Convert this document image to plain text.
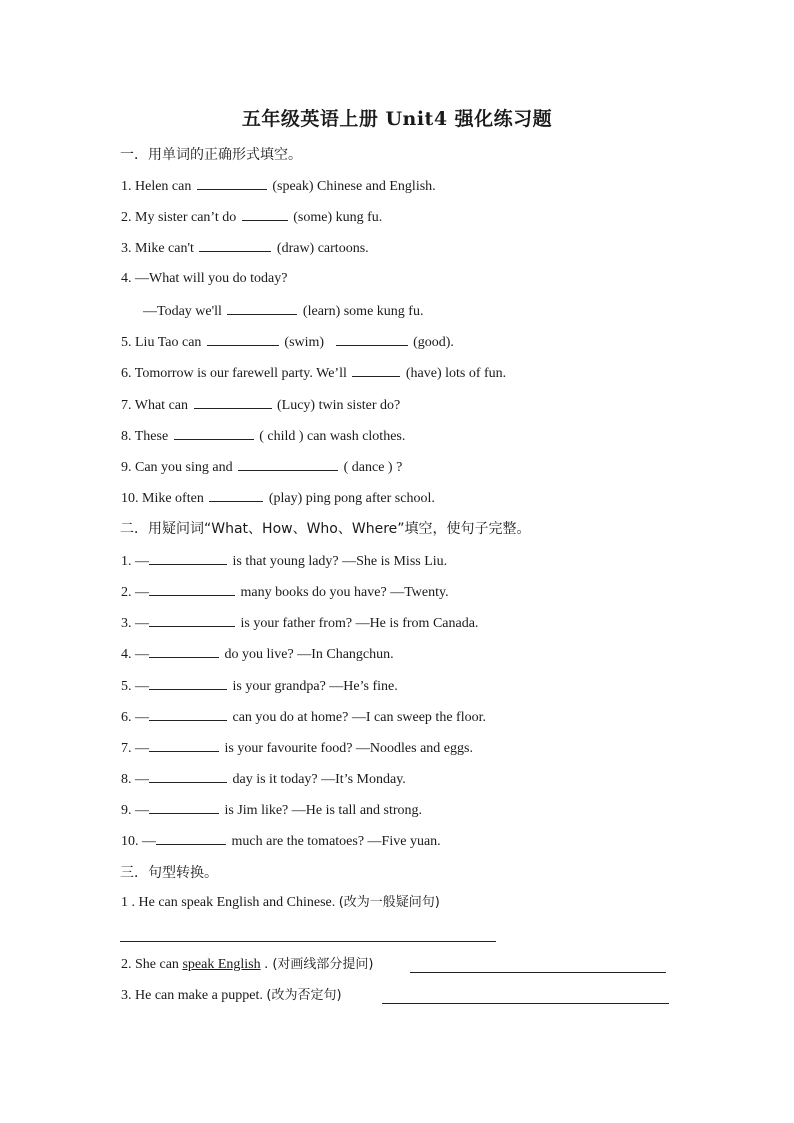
五年级英语上册 Unit4 强化练习题
一．用单词的正确形式填空。
1. Helen can	(speak) Chinese and English.
2. My sister can’t do	(some) kung fu.
3. Mike can't	(draw) cartoons.
4. —What will you do today?
—Today we'll	(learn) some kung fu.
5. Liu Tao can	(swim)	(good).
6. Tomorrow is our farewell party. We’ll	(have) lots of fun.
7. What can	(Lucy) twin sister do?
8. These	( child ) can wash clothes.
9. Can you sing and	( dance ) ?
10. Mike often	(play) ping pong after school.
二．用疑问词“What、How、Who、Where”填空，使句子完整。
1. —	is that young lady? —She is Miss Liu.
2. —	many books do you have? —Twenty.
3. —	is your father from? —He is from Canada.
4. —	do you live? —In Changchun.
5. —	is your grandpa? —He’s fine.
6. —	can you do at home? —I can sweep the floor.
7. —	is your favourite food? —Noodles and eggs.
8. —	day is it today? —It’s Monday.
9. —	is Jim like? —He is tall and strong.
10. —	much are the tomatoes? —Five yuan.
三．句型转换。
1 . He can speak English and Chinese. (改为一般疑问句)
2. She can speak English . (对画线部分提问)
3. He can make a puppet. (改为否定句)
